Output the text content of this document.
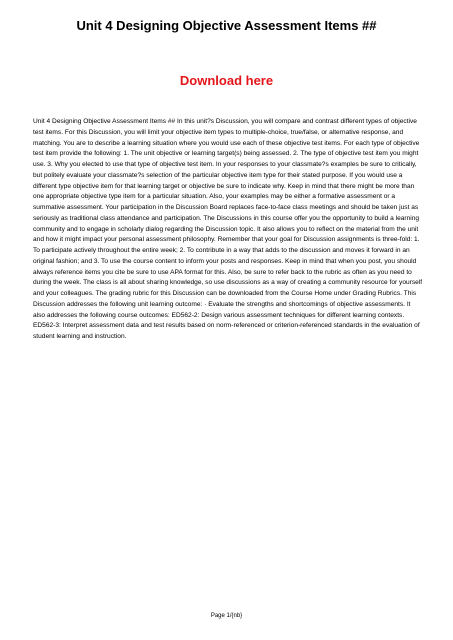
Unit 4 Designing Objective Assessment Items ##
Download here

Unit 4 Designing Objective Assessment Items ## In this unit?s Discussion, you will compare and contrast different types of objective test items. For this Discussion, you will limit your objective item types to multiple-choice, true/false, or alternative response, and matching. You are to describe a learning situation where you would use each of these objective test items. For each type of objective test item provide the following: 1. The unit objective or learning target(s) being assessed. 2. The type of objective test item you might use. 3. Why you elected to use that type of objective test item. In your responses to your classmate?s examples be sure to critically, but politely evaluate your classmate?s selection of the particular objective item type for their stated purpose. If you would use a different type objective item for that learning target or objective be sure to indicate why. Keep in mind that there might be more than one appropriate objective type item for a particular situation. Also, your examples may be either a formative assessment or a summative assessment. Your participation in the Discussion Board replaces face-to-face class meetings and should be taken just as seriously as traditional class attendance and participation. The Discussions in this course offer you the opportunity to build a learning community and to engage in scholarly dialog regarding the Discussion topic. It also allows you to reflect on the material from the unit and how it might impact your personal assessment philosophy. Remember that your goal for Discussion assignments is three-fold: 1. To participate actively throughout the entire week; 2. To contribute in a way that adds to the discussion and moves it forward in an original fashion; and 3. To use the course content to inform your posts and responses. Keep in mind that when you post, you should always reference items you cite be sure to use APA format for this. Also, be sure to refer back to the rubric as often as you need to during the week. The class is all about sharing knowledge, so use discussions as a way of creating a community resource for yourself and your colleagues. The grading rubric for this Discussion can be downloaded from the Course Home under Grading Rubrics. This Discussion addresses the following unit learning outcome: · Evaluate the strengths and shortcomings of objective assessments. It also addresses the following course outcomes: ED562-2: Design various assessment techniques for different learning contexts. ED562-3: Interpret assessment data and test results based on norm-referenced or criterion-referenced standards in the evaluation of student learning and instruction.

Page 1/{nb}
